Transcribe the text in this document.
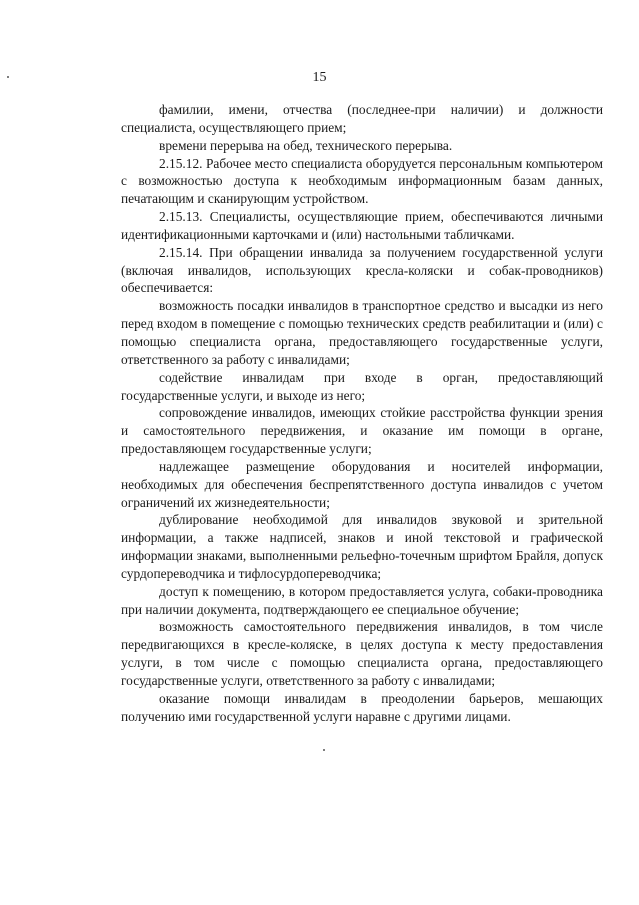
15

фамилии, имени, отчества (последнее-при наличии) и должности специалиста, осуществляющего прием;

времени перерыва на обед, технического перерыва.

2.15.12. Рабочее место специалиста оборудуется персональным компьютером с возможностью доступа к необходимым информационным базам данных, печатающим и сканирующим устройством.

2.15.13. Специалисты, осуществляющие прием, обеспечиваются личными идентификационными карточками и (или) настольными табличками.

2.15.14. При обращении инвалида за получением государственной услуги (включая инвалидов, использующих кресла-коляски и собак-проводников) обеспечивается:

возможность посадки инвалидов в транспортное средство и высадки из него перед входом в помещение с помощью технических средств реабилитации и (или) с помощью специалиста органа, предоставляющего государственные услуги, ответственного за работу с инвалидами;

содействие инвалидам при входе в орган, предоставляющий государственные услуги, и выходе из него;

сопровождение инвалидов, имеющих стойкие расстройства функции зрения и самостоятельного передвижения, и оказание им помощи в органе, предоставляющем государственные услуги;

надлежащее размещение оборудования и носителей информации, необходимых для обеспечения беспрепятственного доступа инвалидов с учетом ограничений их жизнедеятельности;

дублирование необходимой для инвалидов звуковой и зрительной информации, а также надписей, знаков и иной текстовой и графической информации знаками, выполненными рельефно-точечным шрифтом Брайля, допуск сурдопереводчика и тифлосурдопереводчика;

доступ к помещению, в котором предоставляется услуга, собаки-проводника при наличии документа, подтверждающего ее специальное обучение;

возможность самостоятельного передвижения инвалидов, в том числе передвигающихся в кресле-коляске, в целях доступа к месту предоставления услуги, в том числе с помощью специалиста органа, предоставляющего государственные услуги, ответственного за работу с инвалидами;

оказание помощи инвалидам в преодолении барьеров, мешающих получению ими государственной услуги наравне с другими лицами.
